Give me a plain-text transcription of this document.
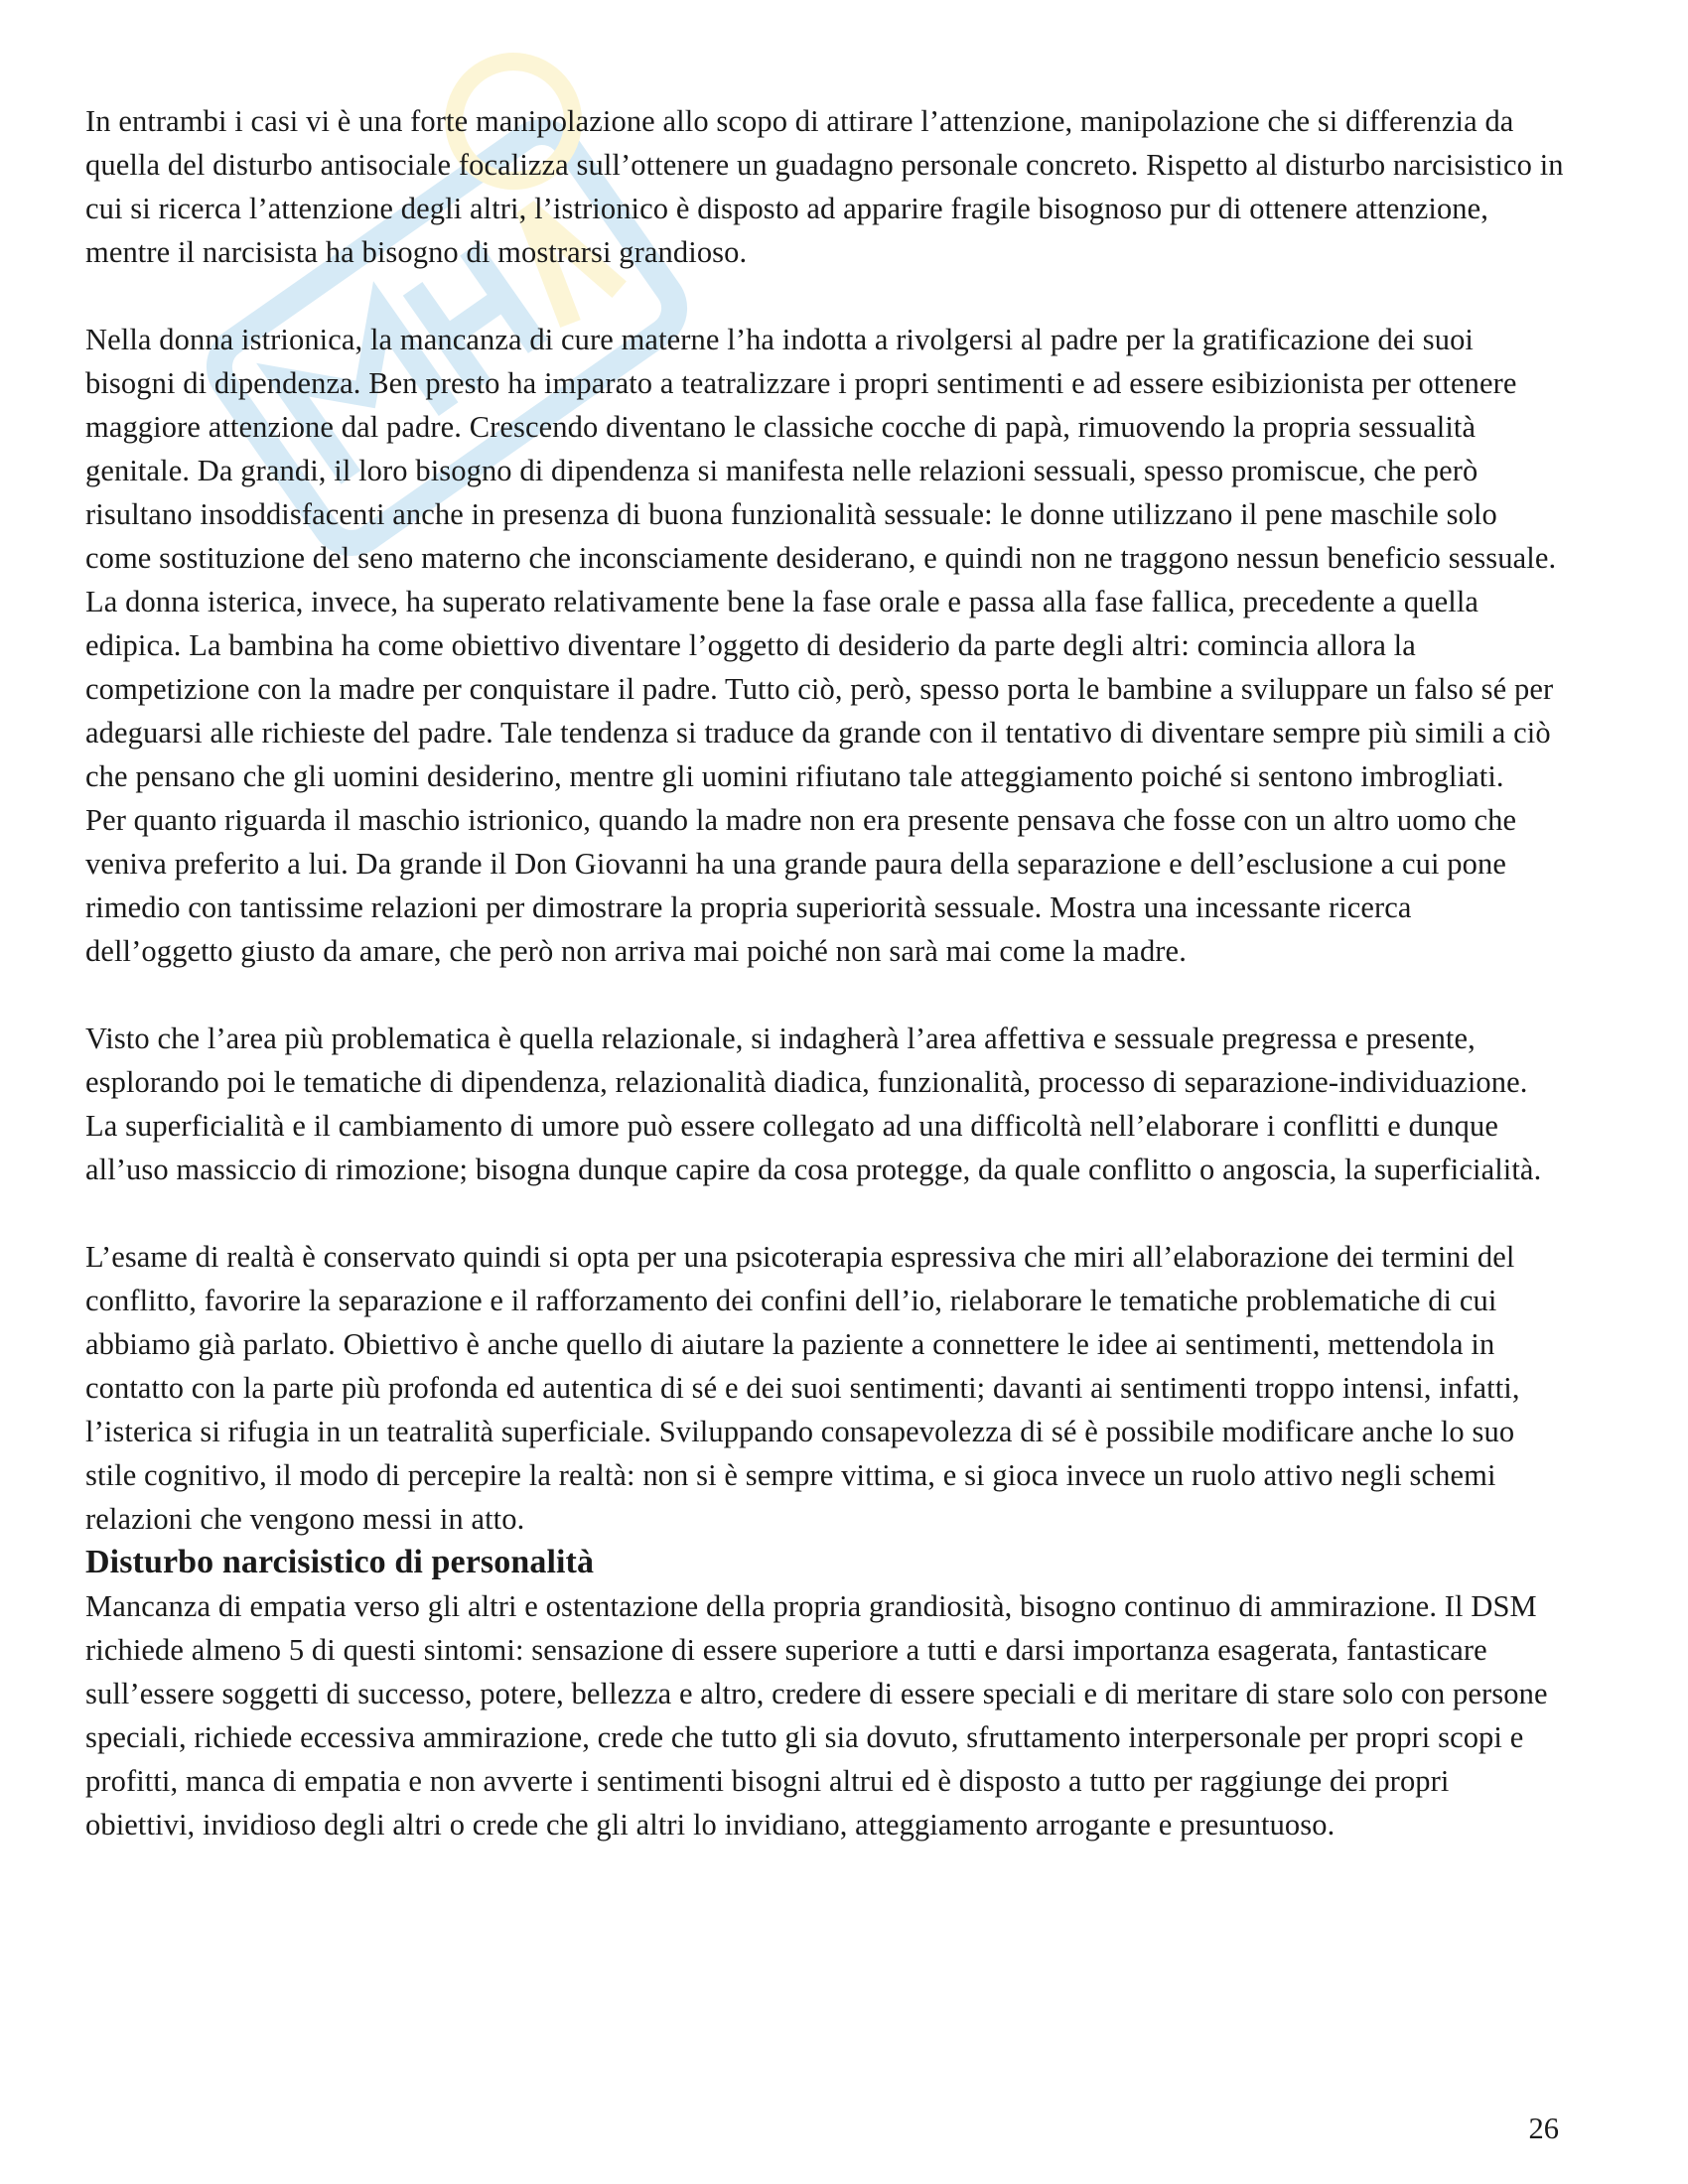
In entrambi i casi vi è una forte manipolazione allo scopo di attirare l’attenzione, manipolazione che si differenzia da quella del disturbo antisociale focalizza sull’ottenere un guadagno personale concreto. Rispetto al disturbo narcisistico in cui si ricerca l’attenzione degli altri, l’istrionico è disposto ad apparire fragile bisognoso pur di ottenere attenzione, mentre il narcisista ha bisogno di mostrarsi grandioso.

Nella donna istrionica, la mancanza di cure materne l’ha indotta a rivolgersi al padre per la gratificazione dei suoi bisogni di dipendenza. Ben presto ha imparato a teatralizzare i propri sentimenti e ad essere esibizionista per ottenere maggiore attenzione dal padre. Crescendo diventano le classiche cocche di papà, rimuovendo la propria sessualità genitale. Da grandi, il loro bisogno di dipendenza si manifesta nelle relazioni sessuali, spesso promiscue, che però risultano insoddisfacenti anche in presenza di buona funzionalità sessuale: le donne utilizzano il pene maschile solo come sostituzione del seno materno che inconsciamente desiderano, e quindi non ne traggono nessun beneficio sessuale.

La donna isterica, invece, ha superato relativamente bene la fase orale e passa alla fase fallica, precedente a quella edipica. La bambina ha come obiettivo diventare l’oggetto di desiderio da parte degli altri: comincia allora la competizione con la madre per conquistare il padre. Tutto ciò, però, spesso porta le bambine a sviluppare un falso sé per adeguarsi alle richieste del padre. Tale tendenza si traduce da grande con il tentativo di diventare sempre più simili a ciò che pensano che gli uomini desiderino, mentre gli uomini rifiutano tale atteggiamento poiché si sentono imbrogliati.

Per quanto riguarda il maschio istrionico, quando la madre non era presente pensava che fosse con un altro uomo che veniva preferito a lui. Da grande il Don Giovanni ha una grande paura della separazione e dell’esclusione a cui pone rimedio con tantissime relazioni per dimostrare la propria superiorità sessuale. Mostra una incessante ricerca dell’oggetto giusto da amare, che però non arriva mai poiché non sarà mai come la madre.

Visto che l’area più problematica è quella relazionale, si indagherà l’area affettiva e sessuale pregressa e presente, esplorando poi le tematiche di dipendenza, relazionalità diadica, funzionalità, processo di separazione-individuazione. La superficialità e il cambiamento di umore può essere collegato ad una difficoltà nell’elaborare i conflitti e dunque all’uso massiccio di rimozione; bisogna dunque capire da cosa protegge, da quale conflitto o angoscia, la superficialità.

L’esame di realtà è conservato quindi si opta per una psicoterapia espressiva che miri all’elaborazione dei termini del conflitto, favorire la separazione e il rafforzamento dei confini dell’io, rielaborare le tematiche problematiche di cui abbiamo già parlato. Obiettivo è anche quello di aiutare la paziente a connettere le idee ai sentimenti, mettendola in contatto con la parte più profonda ed autentica di sé e dei suoi sentimenti; davanti ai sentimenti troppo intensi, infatti, l’isterica si rifugia in un teatralità superficiale. Sviluppando consapevolezza di sé è possibile modificare anche lo suo stile cognitivo, il modo di percepire la realtà: non si è sempre vittima, e si gioca invece un ruolo attivo negli schemi relazioni che vengono messi in atto.

Disturbo narcisistico di personalità

Mancanza di empatia verso gli altri e ostentazione della propria grandiosità, bisogno continuo di ammirazione. Il DSM richiede almeno 5 di questi sintomi: sensazione di essere superiore a tutti e darsi importanza esagerata, fantasticare sull’essere soggetti di successo, potere, bellezza e altro, credere di essere speciali e di meritare di stare solo con persone speciali, richiede eccessiva ammirazione, crede che tutto gli sia dovuto, sfruttamento interpersonale per propri scopi e profitti, manca di empatia e non avverte i sentimenti bisogni altrui ed è disposto a tutto per raggiunge dei propri obiettivi, invidioso degli altri o crede che gli altri lo invidiano, atteggiamento arrogante e presuntuoso.

26
